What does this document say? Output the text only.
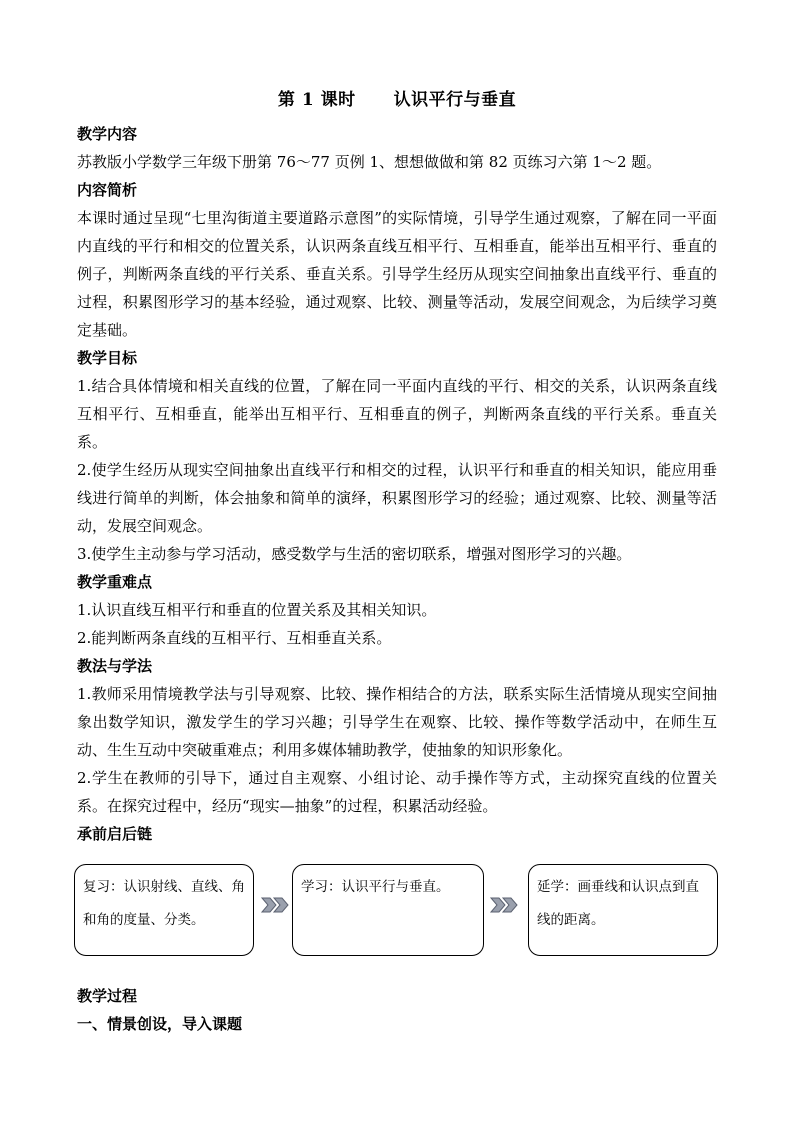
第 1 课时 认识平行与垂直

教学内容

苏教版小学数学三年级下册第 76～77 页例 1、想想做做和第 82 页练习六第 1～2 题。

内容简析

本课时通过呈现“七里沟街道主要道路示意图”的实际情境，引导学生通过观察，了解在同一平面内直线的平行和相交的位置关系，认识两条直线互相平行、互相垂直，能举出互相平行、垂直的例子，判断两条直线的平行关系、垂直关系。引导学生经历从现实空间抽象出直线平行、垂直的过程，积累图形学习的基本经验，通过观察、比较、测量等活动，发展空间观念，为后续学习奠定基础。

教学目标

1.结合具体情境和相关直线的位置，了解在同一平面内直线的平行、相交的关系，认识两条直线互相平行、互相垂直，能举出互相平行、互相垂直的例子，判断两条直线的平行关系。垂直关系。

2.使学生经历从现实空间抽象出直线平行和相交的过程，认识平行和垂直的相关知识，能应用垂线进行简单的判断，体会抽象和简单的演绎，积累图形学习的经验；通过观察、比较、测量等活动，发展空间观念。

3.使学生主动参与学习活动，感受数学与生活的密切联系，增强对图形学习的兴趣。

教学重难点

1.认识直线互相平行和垂直的位置关系及其相关知识。

2.能判断两条直线的互相平行、互相垂直关系。

教法与学法

1.教师采用情境教学法与引导观察、比较、操作相结合的方法，联系实际生活情境从现实空间抽象出数学知识，激发学生的学习兴趣；引导学生在观察、比较、操作等数学活动中，在师生互动、生生互动中突破重难点；利用多媒体辅助教学，使抽象的知识形象化。

2.学生在教师的引导下，通过自主观察、小组讨论、动手操作等方式，主动探究直线的位置关系。在探究过程中，经历“现实—抽象”的过程，积累活动经验。

承前启后链

复习：认识射线、直线、角和角的度量、分类。
学习：认识平行与垂直。	延学：画垂线和认识点到直线的距离。

教学过程

一、情景创设，导入课题
